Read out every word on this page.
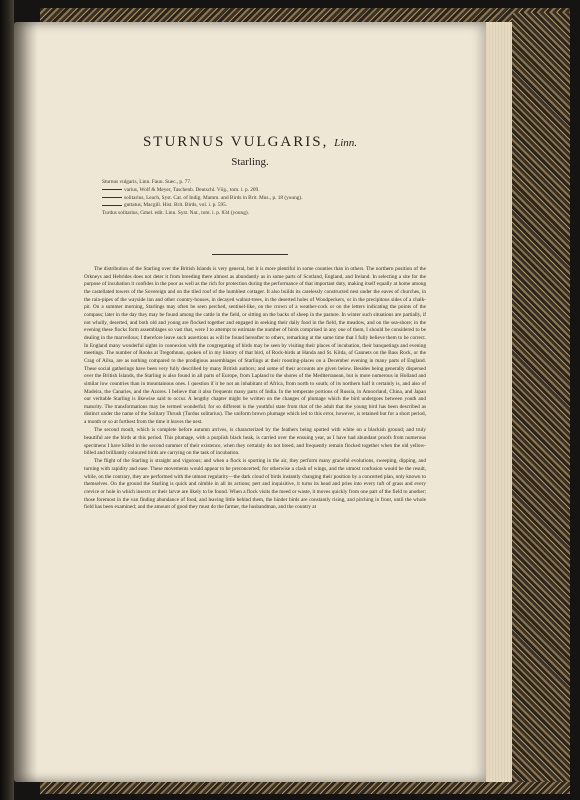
STURNUS VULGARIS, Linn.
Starling.
Sturnus vulgaris, Linn. Faun. Suec., p. 77.
varius, Wolf & Meyer, Taschenb. Deutschl. Vög., tom. i. p. 209.
solitarius, Leach, Syst. Cat. of Indig. Mamm. and Birds in Brit. Mus., p. 18 (young).
guttatus, Macgill. Hist. Brit. Birds, vol. i. p. 595.
Turdus solitarius, Gmel. edit. Linn. Syst. Nat., tom. i. p. 834 (young).

The distribution of the Starling over the British Islands is very general, but it is more plentiful in some counties than in others. The northern position of the Orkneys and Hebrides does not deter it from breeding there almost as abundantly as in some parts of Scotland, England, and Ireland. In selecting a site for the purpose of incubation it confides in the poor as well as the rich for protection during the performance of that important duty, making itself equally at home among the castellated towers of the Sovereign and on the tiled roof of the humblest cottager. It also builds its carelessly constructed nest under the eaves of churches, in the rain-pipes of the wayside inn and other country-houses, in decayed walnut-trees, in the deserted holes of Woodpeckers, or in the precipitous sides of a chalk-pit. On a summer morning, Starlings may often be seen perched, sentinel-like, on the crown of a weather-cock or on the letters indicating the points of the compass; later in the day they may be found among the cattle in the field, or sitting on the backs of sheep in the pasture. In winter such situations are partially, if not wholly, deserted, and both old and young are flocked together and engaged in seeking their daily food in the field, the meadow, and on the sea-shore; in the evening these flocks form assemblages so vast that, were I to attempt to estimate the number of birds comprised in any one of them, I should be considered to be dealing in the marvellous; I therefore leave such assertions as will be found hereafter to others, remarking at the same time that I fully believe them to be correct. In England many wonderful sights in connexion with the congregating of birds may be seen by visiting their places of incubation, their banquetings and evening meetings. The number of Rooks at Tregothnan, spoken of in my history of that bird, of Rock-birds at Handa and St. Kilda, of Gannets on the Bass Rock, or the Crag of Ailsa, are as nothing compared to the prodigious assemblages of Starlings at their roosting-places on a December evening in many parts of England. These social gatherings have been very fully described by many British authors; and some of their accounts are given below. Besides being generally dispersed over the British Islands, the Starling is also found in all parts of Europe, from Lapland to the shores of the Mediterranean, but is more numerous in Holland and similar low countries than in mountainous ones. I question if it be not an inhabitant of Africa, from north to south; of its northern half it certainly is, and also of Madeira, the Canaries, and the Azores. I believe that it also frequents many parts of India. In the temperate portions of Russia, in Amoorland, China, and Japan our veritable Starling is likewise said to occur. A lengthy chapter might be written on the changes of plumage which the bird undergoes between youth and maturity. The transformations may be termed wonderful; for so different is the youthful state from that of the adult that the young bird has been described as distinct under the name of the Solitary Thrush (Turdus solitarius). The uniform brown plumage which led to this error, however, is retained but for a short period, a month or so at furthest from the time it leaves the nest.

The second moult, which is complete before autumn arrives, is characterized by the feathers being spotted with white on a blackish ground; and truly beautiful are the birds at this period. This plumage, with a purplish black beak, is carried over the ensuing year, as I have had abundant proofs from numerous specimens I have killed in the second summer of their existence, when they certainly do not breed, and frequently remain flocked together when the old yellow-billed and brilliantly coloured birds are carrying on the task of incubation.

The flight of the Starling is straight and vigorous; and when a flock is sporting in the air, they perform many graceful evolutions, sweeping, dipping, and turning with rapidity and ease. These movements would appear to be preconcerted; for otherwise a clash of wings, and the utmost confusion would be the result, while, on the contrary, they are performed with the utmost regularity—the dark cloud of birds instantly changing their position by a concerted plan, only known to themselves. On the ground the Starling is quick and nimble in all its actions; pert and inquisitive, it turns its head and pries into every tuft of grass and every crevice or hole in which insects or their larvæ are likely to be found. When a flock visits the meed or waste, it moves quickly from one part of the field to another; those foremost in the van finding abundance of food, and leaving little behind them, the hinder birds are constantly rising, and pitching in front, until the whole field has been examined; and the amount of good they must do the farmer, the husbandman, and the country at
